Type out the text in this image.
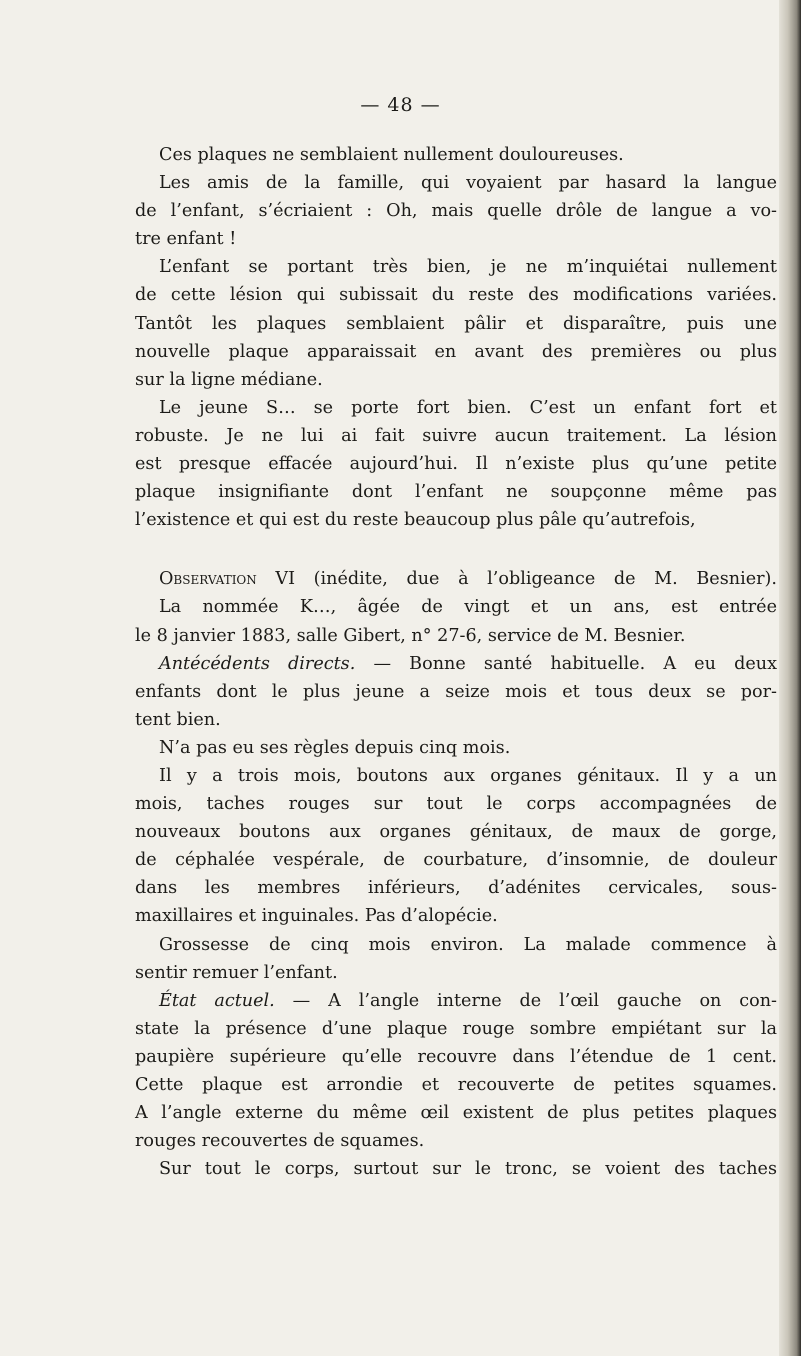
— 48 —
Ces plaques ne semblaient nullement douloureuses.
Les amis de la famille, qui voyaient par hasard la langue
de l’enfant, s’écriaient : Oh, mais quelle drôle de langue a vo-
tre enfant !
L’enfant se portant très bien, je ne m’inquiétai nullement
de cette lésion qui subissait du reste des modifications variées.
Tantôt les plaques semblaient pâlir et disparaître, puis une
nouvelle plaque apparaissait en avant des premières ou plus
sur la ligne médiane.
Le jeune S… se porte fort bien. C’est un enfant fort et
robuste. Je ne lui ai fait suivre aucun traitement. La lésion
est presque effacée aujourd’hui. Il n’existe plus qu’une petite
plaque insignifiante dont l’enfant ne soupçonne même pas
l’existence et qui est du reste beaucoup plus pâle qu’autrefois,
Observation VI (inédite, due à l’obligeance de M. Besnier).
La nommée K…, âgée de vingt et un ans, est entrée
le 8 janvier 1883, salle Gibert, n° 27-6, service de M. Besnier.
Antécédents directs. — Bonne santé habituelle. A eu deux
enfants dont le plus jeune a seize mois et tous deux se por-
tent bien.
N’a pas eu ses règles depuis cinq mois.
Il y a trois mois, boutons aux organes génitaux. Il y a un
mois, taches rouges sur tout le corps accompagnées de
nouveaux boutons aux organes génitaux, de maux de gorge,
de céphalée vespérale, de courbature, d’insomnie, de douleur
dans les membres inférieurs, d’adénites cervicales, sous-
maxillaires et inguinales. Pas d’alopécie.
Grossesse de cinq mois environ. La malade commence à
sentir remuer l’enfant.
État actuel. — A l’angle interne de l’œil gauche on con-
state la présence d’une plaque rouge sombre empiétant sur la
paupière supérieure qu’elle recouvre dans l’étendue de 1 cent.
Cette plaque est arrondie et recouverte de petites squames.
A l’angle externe du même œil existent de plus petites plaques
rouges recouvertes de squames.
Sur tout le corps, surtout sur le tronc, se voient des taches
